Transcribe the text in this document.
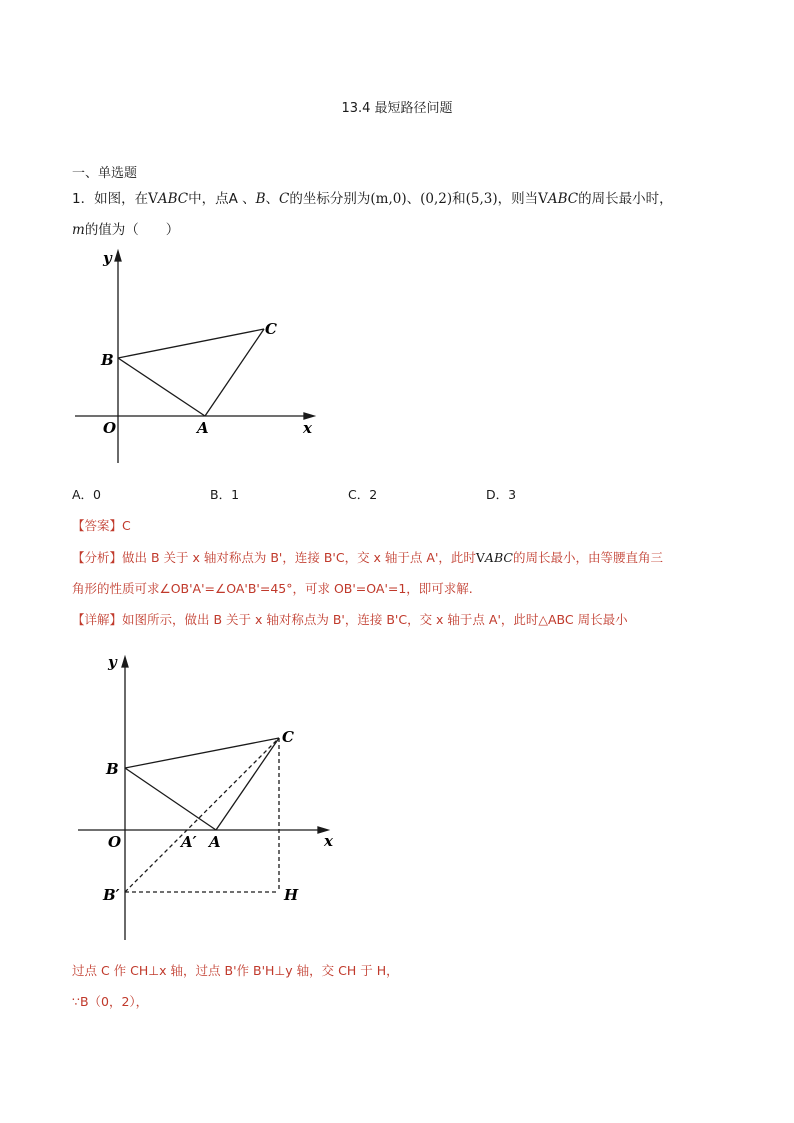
13.4 最短路径问题
一、单选题
1．如图，在VABC中，点A 、B、C的坐标分别为(m,0)、(0,2)和(5,3)，则当VABC的周长最小时，
m的值为（　　）
y
x
O	A
B
C
A．0	B．1	C．2	D．3
【答案】C
【分析】做出 B 关于 x 轴对称点为 B'，连接 B'C，交 x 轴于点 A'，此时VABC的周长最小，由等腰直角三
角形的性质可求∠OB'A'=∠OA'B'=45°，可求 OB'=OA'=1，即可求解.
【详解】如图所示，做出 B 关于 x 轴对称点为 B'，连接 B'C，交 x 轴于点 A'，此时△ABC 周长最小
y
x
O	A′ A
B
C
B′	H
过点 C 作 CH⊥x 轴，过点 B'作 B'H⊥y 轴，交 CH 于 H，
∵B（0，2），
